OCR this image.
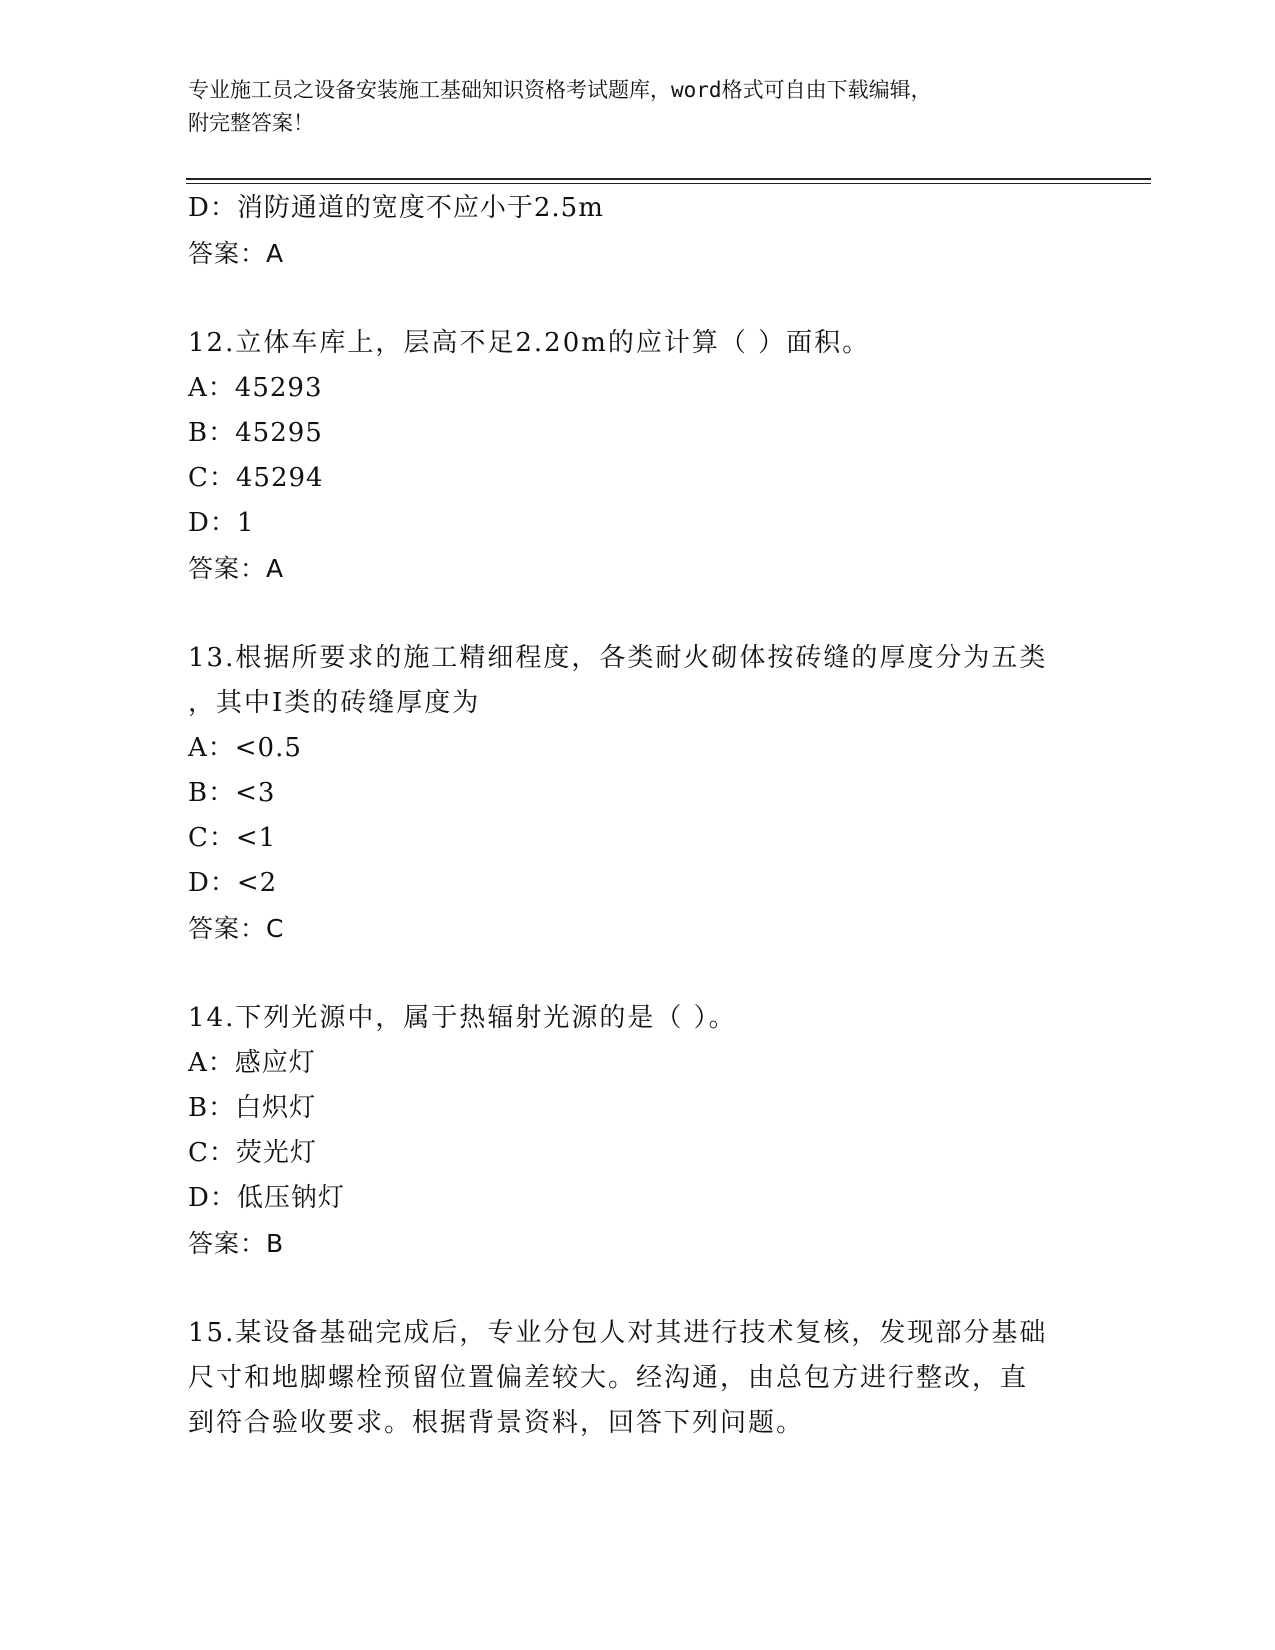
专业施工员之设备安装施工基础知识资格考试题库，word格式可自由下载编辑，
附完整答案！
D：消防通道的宽度不应小于2.5m
答案：A
12.立体车库上，层高不足2.20m的应计算（ ）面积。
A：45293
B：45295
C：45294
D：1
答案：A
13.根据所要求的施工精细程度，各类耐火砌体按砖缝的厚度分为五类
，其中Ⅰ类的砖缝厚度为
A：<0.5
B：<3
C：<1
D：<2
答案：C
14.下列光源中，属于热辐射光源的是（ ）。
A：感应灯
B：白炽灯
C：荧光灯
D：低压钠灯
答案：B
15.某设备基础完成后，专业分包人对其进行技术复核，发现部分基础
尺寸和地脚螺栓预留位置偏差较大。经沟通，由总包方进行整改，直
到符合验收要求。根据背景资料，回答下列问题。
